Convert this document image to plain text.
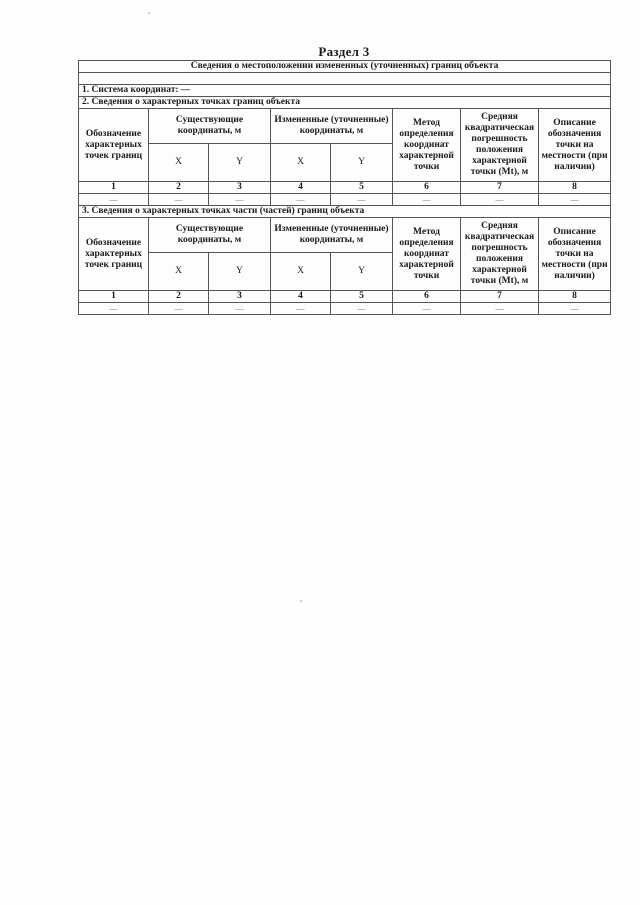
Раздел 3
Сведения о местоположении измененных (уточненных) границ объекта							

1. Система координат: —							
2. Сведения о характерных точках границ объекта							
Обозначение характерных точек границ	Существующие координаты, м		Измененные (уточненные) координаты, м		Метод определения координат характерной точки	Средняя квадратическая погрешность положения характерной точки (Mt), м	Описание обозначения точки на местности (при наличии)
	X	Y	X	Y			
1	2	3	4	5	6	7	8
—	—	—	—	—	—	—	—
3. Сведения о характерных точках части (частей) границ объекта							
Обозначение характерных точек границ	Существующие координаты, м		Измененные (уточненные) координаты, м		Метод определения координат характерной точки	Средняя квадратическая погрешность положения характерной точки (Mt), м	Описание обозначения точки на местности (при наличии)
	X	Y	X	Y			
1	2	3	4	5	6	7	8
—	—	—	—	—	—	—	—
